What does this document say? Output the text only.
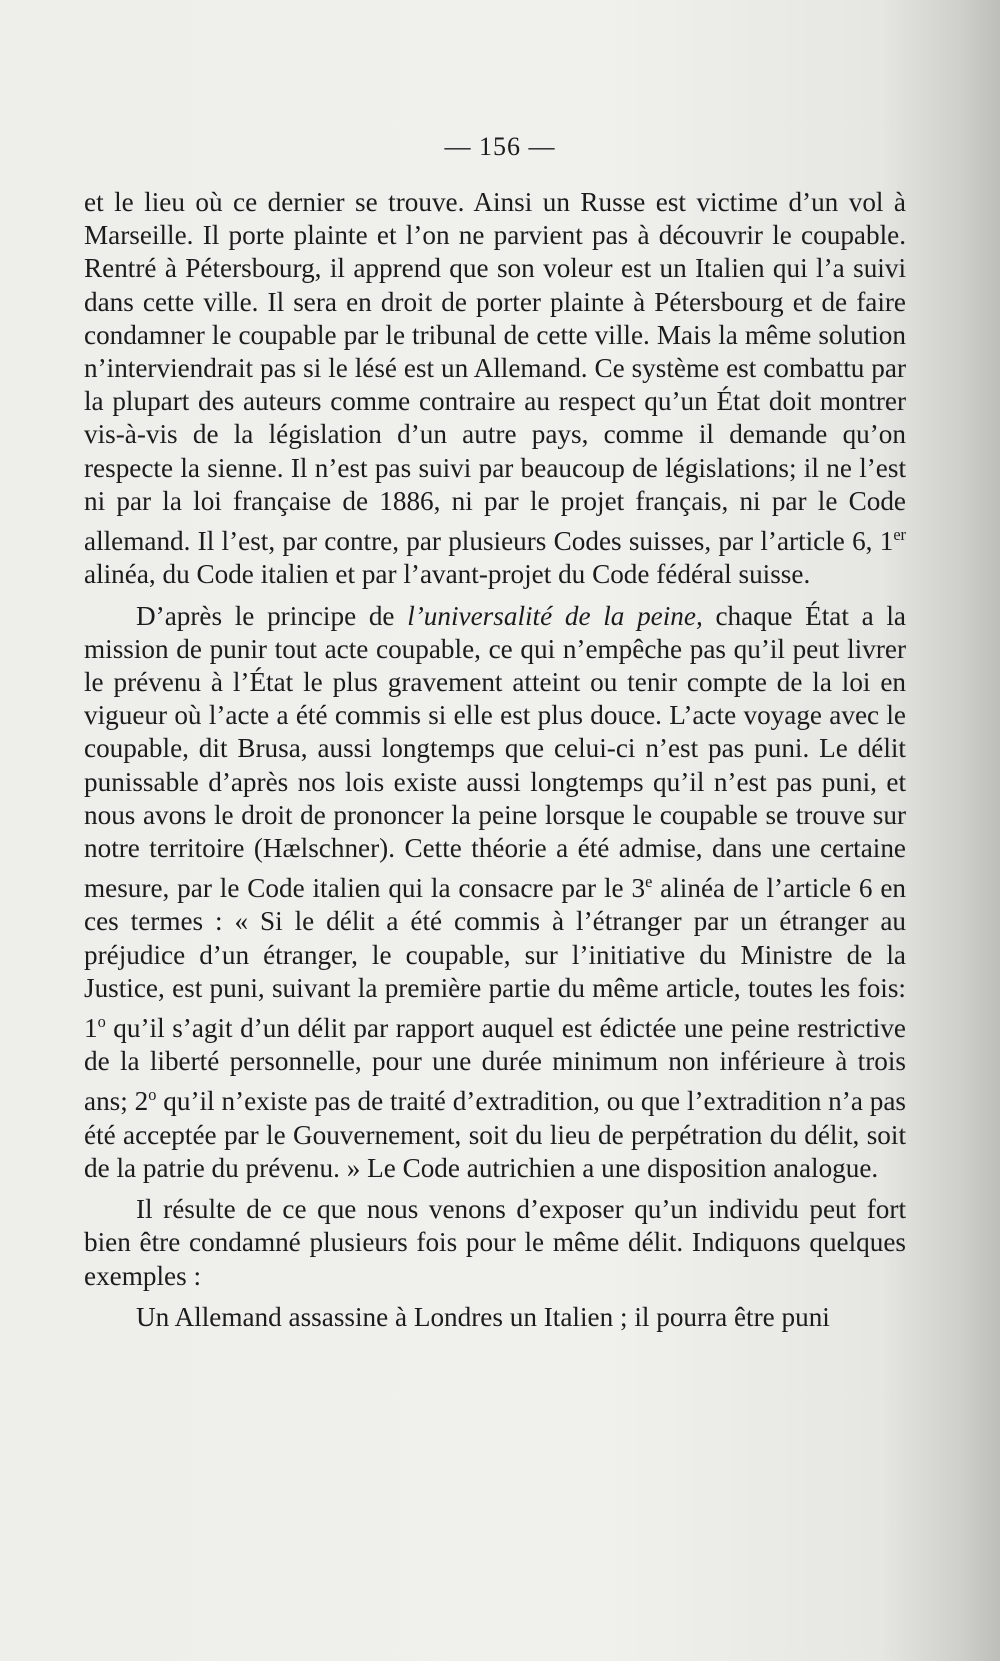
— 156 —

et le lieu où ce dernier se trouve. Ainsi un Russe est victime d’un vol à Marseille. Il porte plainte et l’on ne parvient pas à découvrir le coupable. Rentré à Pétersbourg, il apprend que son voleur est un Italien qui l’a suivi dans cette ville. Il sera en droit de porter plainte à Pétersbourg et de faire condamner le coupable par le tribunal de cette ville. Mais la même solution n’interviendrait pas si le lésé est un Allemand. Ce système est combattu par la plupart des auteurs comme contraire au respect qu’un État doit montrer vis-à-vis de la législation d’un autre pays, comme il demande qu’on respecte la sienne. Il n’est pas suivi par beaucoup de législations; il ne l’est ni par la loi française de 1886, ni par le projet français, ni par le Code allemand. Il l’est, par contre, par plusieurs Codes suisses, par l’article 6, 1er alinéa, du Code italien et par l’avant-projet du Code fédéral suisse.

D’après le principe de l’universalité de la peine, chaque État a la mission de punir tout acte coupable, ce qui n’empêche pas qu’il peut livrer le prévenu à l’État le plus gravement atteint ou tenir compte de la loi en vigueur où l’acte a été commis si elle est plus douce. L’acte voyage avec le coupable, dit Brusa, aussi longtemps que celui-ci n’est pas puni. Le délit punissable d’après nos lois existe aussi longtemps qu’il n’est pas puni, et nous avons le droit de prononcer la peine lorsque le coupable se trouve sur notre territoire (Hælschner). Cette théorie a été admise, dans une certaine mesure, par le Code italien qui la consacre par le 3e alinéa de l’article 6 en ces termes : « Si le délit a été commis à l’étranger par un étranger au préjudice d’un étranger, le coupable, sur l’initiative du Ministre de la Justice, est puni, suivant la première partie du même article, toutes les fois: 1$^o$ qu’il s’agit d’un délit par rapport auquel est édictée une peine restrictive de la liberté personnelle, pour une durée minimum non inférieure à trois ans; 2$^o$ qu’il n’existe pas de traité d’extradition, ou que l’extradition n’a pas été acceptée par le Gouvernement, soit du lieu de perpétration du délit, soit de la patrie du prévenu. » Le Code autrichien a une disposition analogue.

Il résulte de ce que nous venons d’exposer qu’un individu peut fort bien être condamné plusieurs fois pour le même délit. Indiquons quelques exemples :

Un Allemand assassine à Londres un Italien ; il pourra être puni
